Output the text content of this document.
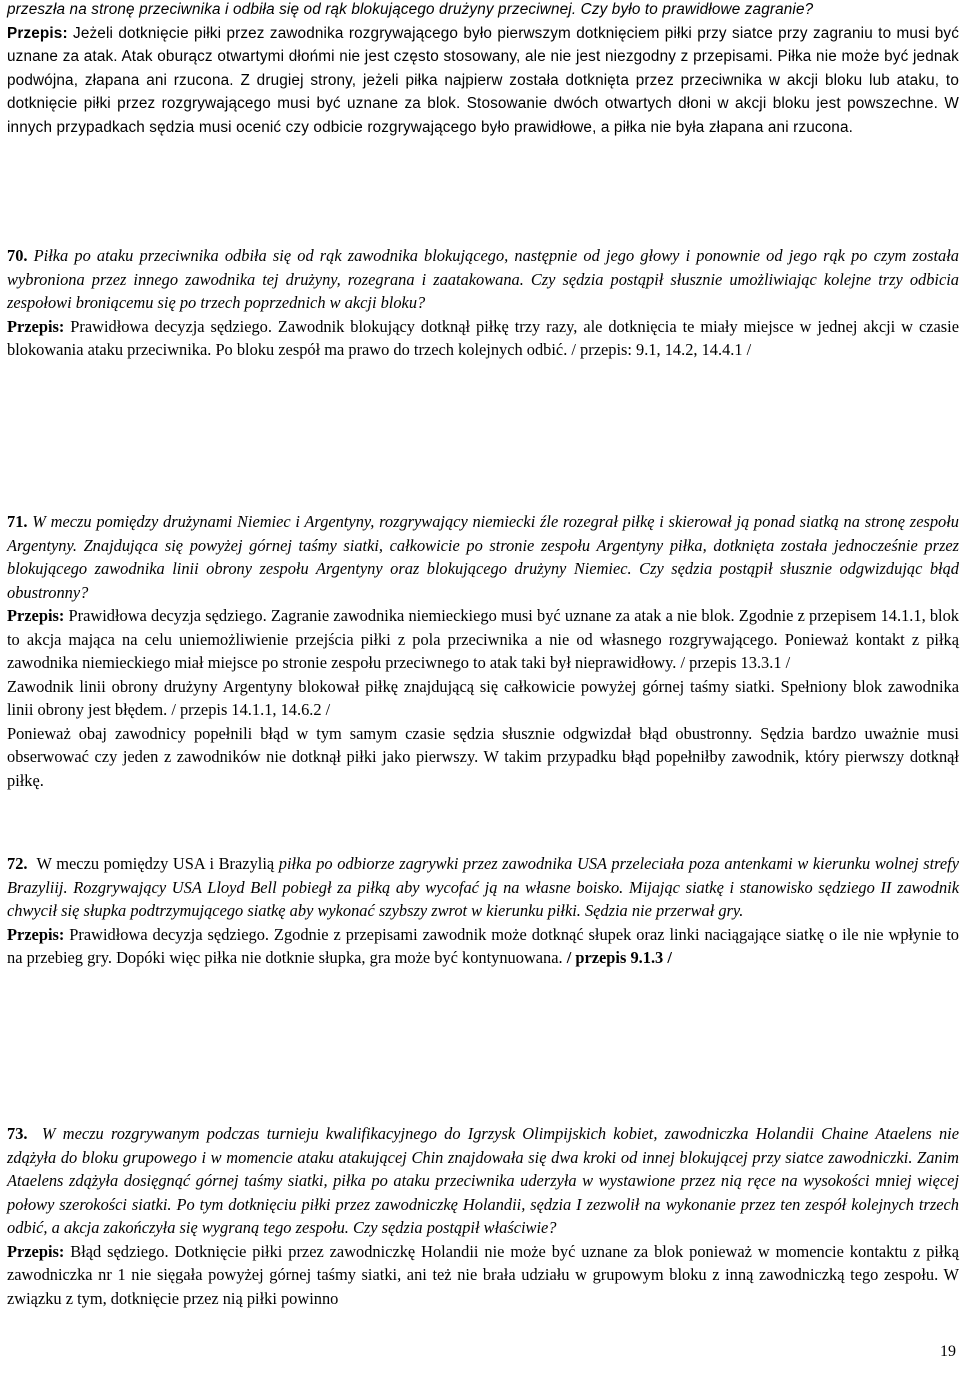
przeszła na stronę przeciwnika i odbiła się od rąk blokującego drużyny przeciwnej. Czy było to prawidłowe zagranie?
Przepis: Jeżeli dotknięcie piłki przez zawodnika rozgrywającego było pierwszym dotknięciem piłki przy siatce przy zagraniu to musi być uznane za atak. Atak oburącz otwartymi dłońmi nie jest często stosowany, ale nie jest niezgodny z przepisami. Piłka nie może być jednak podwójna, złapana ani rzucona. Z drugiej strony, jeżeli piłka najpierw została dotknięta przez przeciwnika w akcji bloku lub ataku, to dotknięcie piłki przez rozgrywającego musi być uznane za blok. Stosowanie dwóch otwartych dłoni w akcji bloku jest powszechne. W innych przypadkach sędzia musi ocenić czy odbicie rozgrywającego było prawidłowe, a piłka nie była złapana ani rzucona.

70. Piłka po ataku przeciwnika odbiła się od rąk zawodnika blokującego, następnie od jego głowy i ponownie od jego rąk po czym została wybroniona przez innego zawodnika tej drużyny, rozegrana i zaatakowana. Czy sędzia postąpił słusznie umożliwiając kolejne trzy odbicia zespołowi broniącemu się po trzech poprzednich w akcji bloku?
Przepis: Prawidłowa decyzja sędziego. Zawodnik blokujący dotknął piłkę trzy razy, ale dotknięcia te miały miejsce w jednej akcji w czasie blokowania ataku przeciwnika. Po bloku zespół ma prawo do trzech kolejnych odbić. / przepis: 9.1, 14.2, 14.4.1 /

71. W meczu pomiędzy drużynami Niemiec i Argentyny, rozgrywający niemiecki źle rozegrał piłkę i skierował ją ponad siatką na stronę zespołu Argentyny. Znajdująca się powyżej górnej taśmy siatki, całkowicie po stronie zespołu Argentyny piłka, dotknięta została jednocześnie przez blokującego zawodnika linii obrony zespołu Argentyny oraz blokującego drużyny Niemiec. Czy sędzia postąpił słusznie odgwizdując błąd obustronny?
Przepis: Prawidłowa decyzja sędziego. Zagranie zawodnika niemieckiego musi być uznane za atak a nie blok. Zgodnie z przepisem 14.1.1, blok to akcja mająca na celu uniemożliwienie przejścia piłki z pola przeciwnika a nie od własnego rozgrywającego. Ponieważ kontakt z piłką zawodnika niemieckiego miał miejsce po stronie zespołu przeciwnego to atak taki był nieprawidłowy. / przepis 13.3.1 /
Zawodnik linii obrony drużyny Argentyny blokował piłkę znajdującą się całkowicie powyżej górnej taśmy siatki. Spełniony blok zawodnika linii obrony jest błędem. / przepis 14.1.1, 14.6.2 /
Ponieważ obaj zawodnicy popełnili błąd w tym samym czasie sędzia słusznie odgwizdał błąd obustronny. Sędzia bardzo uważnie musi obserwować czy jeden z zawodników nie dotknął piłki jako pierwszy. W takim przypadku błąd popełniłby zawodnik, który pierwszy dotknął piłkę.

72. W meczu pomiędzy USA i Brazylią piłka po odbiorze zagrywki przez zawodnika USA przeleciała poza antenkami w kierunku wolnej strefy Brazyliij. Rozgrywający USA Lloyd Bell pobiegł za piłką aby wycofać ją na własne boisko. Mijając siatkę i stanowisko sędziego II zawodnik chwycił się słupka podtrzymującego siatkę aby wykonać szybszy zwrot w kierunku piłki. Sędzia nie przerwał gry.
Przepis: Prawidłowa decyzja sędziego. Zgodnie z przepisami zawodnik może dotknąć słupek oraz linki naciągające siatkę o ile nie wpłynie to na przebieg gry. Dopóki więc piłka nie dotknie słupka, gra może być kontynuowana. / przepis 9.1.3 /

73. W meczu rozgrywanym podczas turnieju kwalifikacyjnego do Igrzysk Olimpijskich kobiet, zawodniczka Holandii Chaine Ataelens nie zdążyła do bloku grupowego i w momencie ataku atakującej Chin znajdowała się dwa kroki od innej blokującej przy siatce zawodniczki. Zanim Ataelens zdążyła dosięgnąć górnej taśmy siatki, piłka po ataku przeciwnika uderzyła w wystawione przez nią ręce na wysokości mniej więcej połowy szerokości siatki. Po tym dotknięciu piłki przez zawodniczkę Holandii, sędzia I zezwolił na wykonanie przez ten zespół kolejnych trzech odbić, a akcja zakończyła się wygraną tego zespołu. Czy sędzia postąpił właściwie?
Przepis: Błąd sędziego. Dotknięcie piłki przez zawodniczkę Holandii nie może być uznane za blok ponieważ w momencie kontaktu z piłką zawodniczka nr 1 nie sięgała powyżej górnej taśmy siatki, ani też nie brała udziału w grupowym bloku z inną zawodniczką tego zespołu. W związku z tym, dotknięcie przez nią piłki powinno

19
